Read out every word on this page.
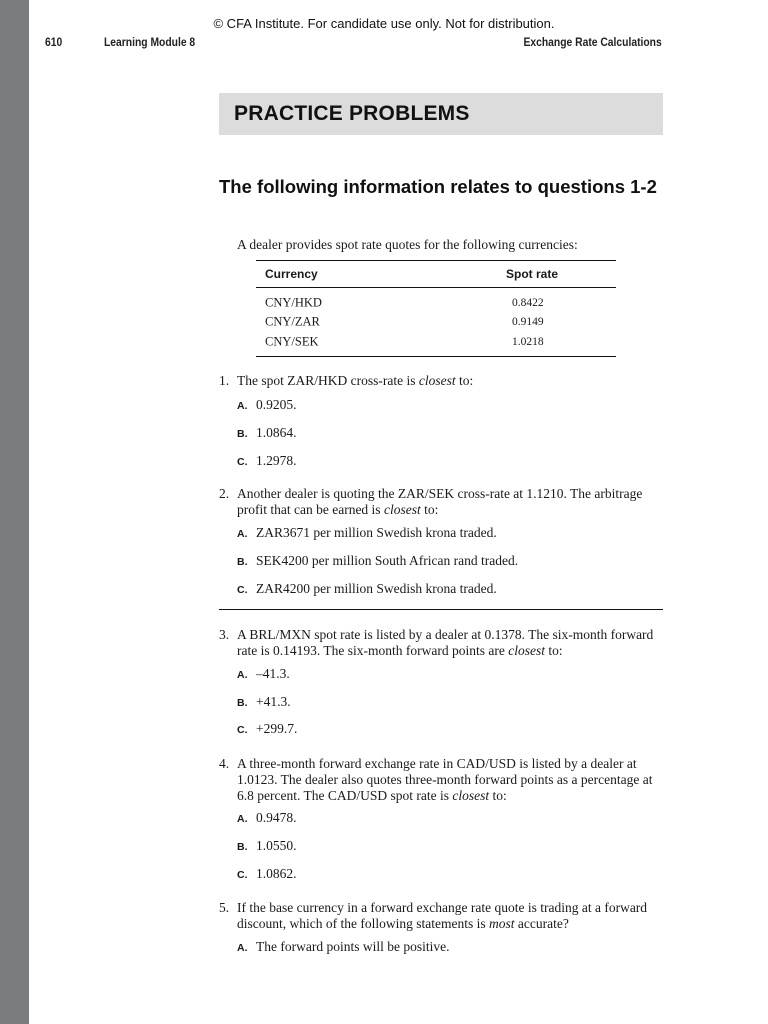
© CFA Institute. For candidate use only. Not for distribution.
610	Learning Module 8	Exchange Rate Calculations
PRACTICE PROBLEMS
The following information relates to questions 1-2
A dealer provides spot rate quotes for the following currencies:
Currency	Spot rate
CNY/HKD	0.8422
CNY/ZAR	0.9149
CNY/SEK	1.0218
1. The spot ZAR/HKD cross-rate is closest to:
A. 0.9205.
B. 1.0864.
C. 1.2978.
2. Another dealer is quoting the ZAR/SEK cross-rate at 1.1210. The arbitrage profit that can be earned is closest to:
A. ZAR3671 per million Swedish krona traded.
B. SEK4200 per million South African rand traded.
C. ZAR4200 per million Swedish krona traded.
3. A BRL/MXN spot rate is listed by a dealer at 0.1378. The six-month forward rate is 0.14193. The six-month forward points are closest to:
A. –41.3.
B. +41.3.
C. +299.7.
4. A three-month forward exchange rate in CAD/USD is listed by a dealer at 1.0123. The dealer also quotes three-month forward points as a percentage at 6.8 percent. The CAD/USD spot rate is closest to:
A. 0.9478.
B. 1.0550.
C. 1.0862.
5. If the base currency in a forward exchange rate quote is trading at a forward discount, which of the following statements is most accurate?
A. The forward points will be positive.
